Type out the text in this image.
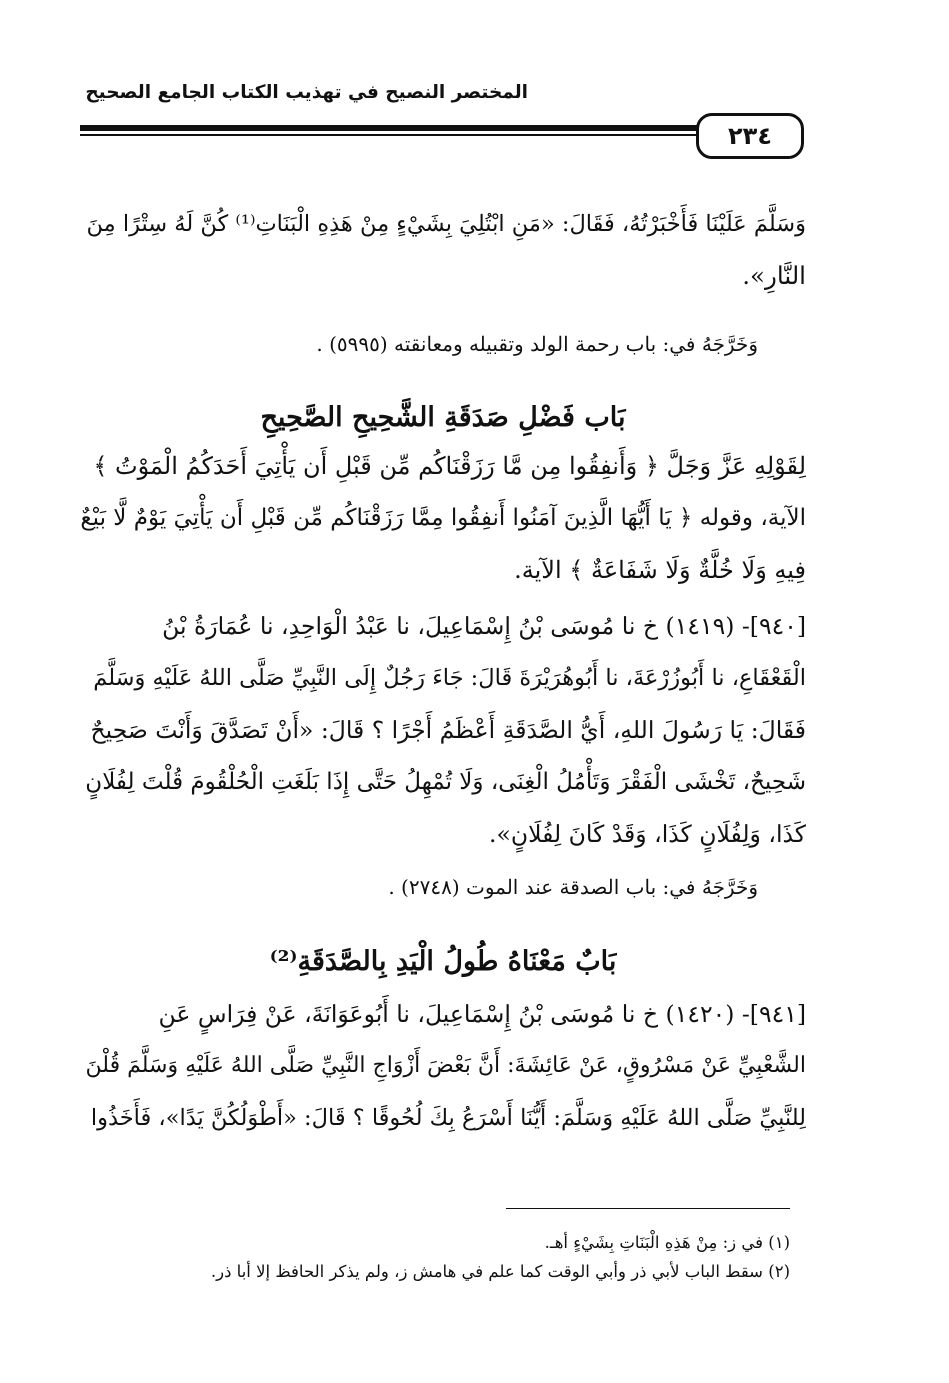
المختصر النصيح في تهذيب الكتاب الجامع الصحيح
٢٣٤
وَسَلَّمَ عَلَيْنَا فَأَخْبَرْتُهُ، فَقَالَ: «مَنِ ابْتُلِيَ بِشَيْءٍ مِنْ هَذِهِ الْبَنَاتِ⁽¹⁾ كُنَّ لَهُ سِتْرًا مِنَ
النَّارِ».
وَخَرَّجَهُ في: باب رحمة الولد وتقبيله ومعانقته (٥٩٩٥) .
بَاب فَضْلِ صَدَقَةِ الشَّحِيحِ الصَّحِيحِ
لِقَوْلِهِ عَزَّ وَجَلَّ ﴿ وَأَنفِقُوا مِن مَّا رَزَقْنَاكُم مِّن قَبْلِ أَن يَأْتِيَ أَحَدَكُمُ الْمَوْتُ ﴾
الآية، وقوله ﴿ يَا أَيُّهَا الَّذِينَ آمَنُوا أَنفِقُوا مِمَّا رَزَقْنَاكُم مِّن قَبْلِ أَن يَأْتِيَ يَوْمٌ لَّا بَيْعٌ
فِيهِ وَلَا خُلَّةٌ وَلَا شَفَاعَةٌ ﴾ الآية.
[٩٤٠]- (١٤١٩) خ نا مُوسَى بْنُ إِسْمَاعِيلَ، نا عَبْدُ الْوَاحِدِ، نا عُمَارَةُ بْنُ
الْقَعْقَاعِ، نا أَبُوزُرْعَةَ، نا أَبُوهُرَيْرَةَ قَالَ: جَاءَ رَجُلٌ إِلَى النَّبِيِّ صَلَّى اللهُ عَلَيْهِ وَسَلَّمَ
فَقَالَ: يَا رَسُولَ اللهِ، أَيُّ الصَّدَقَةِ أَعْظَمُ أَجْرًا ؟ قَالَ: «أَنْ تَصَدَّقَ وَأَنْتَ صَحِيحٌ
شَحِيحٌ، تَخْشَى الْفَقْرَ وَتَأْمُلُ الْغِنَى، وَلَا تُمْهِلُ حَتَّى إِذَا بَلَغَتِ الْحُلْقُومَ قُلْتَ لِفُلَانٍ
كَذَا، وَلِفُلَانٍ كَذَا، وَقَدْ كَانَ لِفُلَانٍ».
وَخَرَّجَهُ في: باب الصدقة عند الموت (٢٧٤٨) .
بَابٌ مَعْنَاهُ طُولُ الْيَدِ بِالصَّدَقَةِ⁽²⁾
[٩٤١]- (١٤٢٠) خ نا مُوسَى بْنُ إِسْمَاعِيلَ، نا أَبُوعَوَانَةَ، عَنْ فِرَاسٍ عَنِ
الشَّعْبِيِّ عَنْ مَسْرُوقٍ، عَنْ عَائِشَةَ: أَنَّ بَعْضَ أَزْوَاجِ النَّبِيِّ صَلَّى اللهُ عَلَيْهِ وَسَلَّمَ قُلْنَ
لِلنَّبِيِّ صَلَّى اللهُ عَلَيْهِ وَسَلَّمَ: أَيُّنَا أَسْرَعُ بِكَ لُحُوقًا ؟ قَالَ: «أَطْوَلُكُنَّ يَدًا»، فَأَخَذُوا
(١) في ز: مِنْ هَذِهِ الْبَنَاتِ بِشَيْءٍ أهـ.
(٢) سقط الباب لأبي ذر وأبي الوقت كما علم في هامش ز، ولم يذكر الحافظ إلا أبا ذر.
